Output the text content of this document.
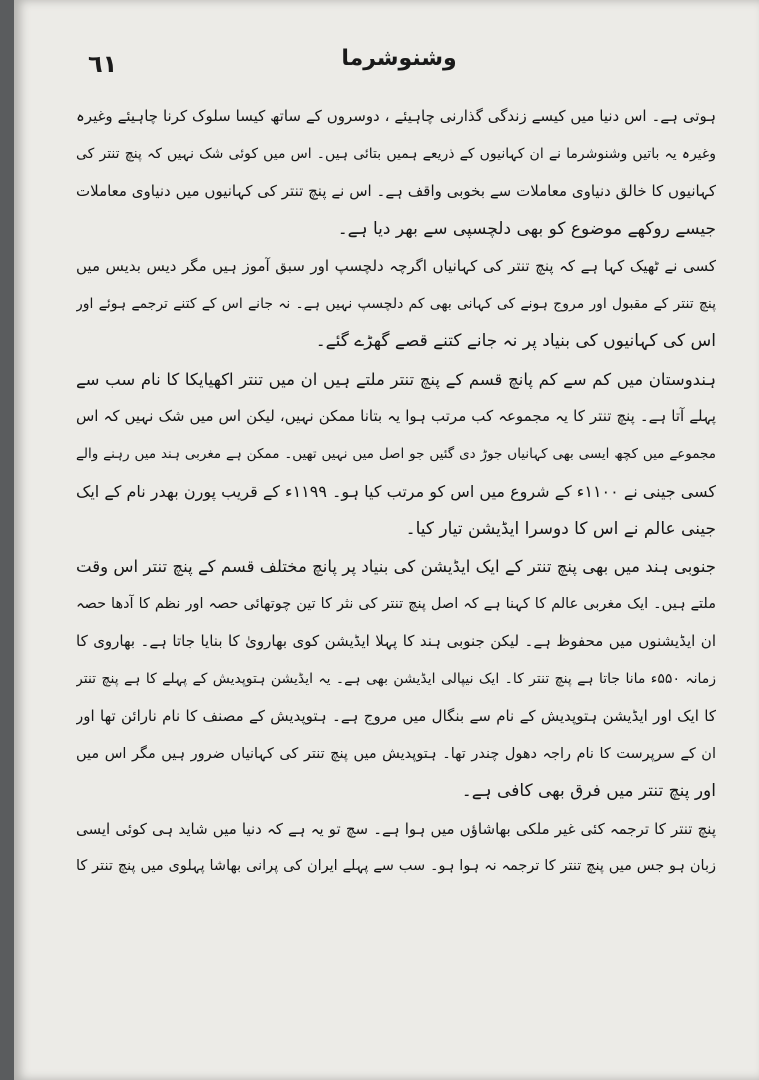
٦١	وشنوشرما
ہوتی ہے۔ اس دنیا میں کیسے زندگی گذارنی چاہیئے ، دوسروں کے ساتھ کیسا سلوک کرنا چاہیئے وغیرہ
وغیرہ یہ باتیں وشنوشرما نے ان کہانیوں کے ذریعے ہمیں بتائی ہیں۔ اس میں کوئی شک نہیں کہ پنچ تنتر کی
کہانیوں کا خالق دنیاوی معاملات سے بخوبی واقف ہے۔ اس نے پنچ تنتر کی کہانیوں میں دنیاوی معاملات
جیسے روکھے موضوع کو بھی دلچسپی سے بھر دیا ہے۔
کسی نے ٹھیک کہا ہے کہ پنچ تنتر کی کہانیاں اگرچہ دلچسپ اور سبق آموز ہیں مگر دیس بدیس میں
پنچ تنتر کے مقبول اور مروج ہونے کی کہانی بھی کم دلچسپ نہیں ہے۔ نہ جانے اس کے کتنے ترجمے ہوئے اور
اس کی کہانیوں کی بنیاد پر نہ جانے کتنے قصے گھڑے گئے۔
ہندوستان میں کم سے کم پانچ قسم کے پنچ تنتر ملتے ہیں ان میں تنتر اکھیایکا کا نام سب سے
پہلے آتا ہے۔ پنچ تنتر کا یہ مجموعہ کب مرتب ہوا یہ بتانا ممکن نہیں، لیکن اس میں شک نہیں کہ اس
مجموعے میں کچھ ایسی بھی کہانیاں جوڑ دی گئیں جو اصل میں نہیں تھیں۔ ممکن ہے مغربی ہند میں رہنے والے
کسی جینی نے ۱۱۰۰ء کے شروع میں اس کو مرتب کیا ہو۔ ۱۱۹۹ء کے قریب پورن بھدر نام کے ایک
جینی عالم نے اس کا دوسرا ایڈیشن تیار کیا۔
جنوبی ہند میں بھی پنچ تنتر کے ایک ایڈیشن کی بنیاد پر پانچ مختلف قسم کے پنچ تنتر اس وقت
ملتے ہیں۔ ایک مغربی عالم کا کہنا ہے کہ اصل پنچ تنتر کی نثر کا تین چوتھائی حصہ اور نظم کا آدھا حصہ
ان ایڈیشنوں میں محفوظ ہے۔ لیکن جنوبی ہند کا پہلا ایڈیشن کوی بھارویٰ کا بنایا جاتا ہے۔ بھاروی کا
زمانہ ۵۵۰ء مانا جاتا ہے پنچ تنتر کا۔ ایک نیپالی ایڈیشن بھی ہے۔ یہ ایڈیشن ہتوپدیش کے پہلے کا ہے پنچ تنتر
کا ایک اور ایڈیشن ہتوپدیش کے نام سے بنگال میں مروج ہے۔ ہتوپدیش کے مصنف کا نام نارائن تھا اور
ان کے سرپرست کا نام راجہ دھول چندر تھا۔ ہتوپدیش میں پنچ تنتر کی کہانیاں ضرور ہیں مگر اس میں
اور پنچ تنتر میں فرق بھی کافی ہے۔
پنچ تنتر کا ترجمہ کئی غیر ملکی بھاشاؤں میں ہوا ہے۔ سچ تو یہ ہے کہ دنیا میں شاید ہی کوئی ایسی
زبان ہو جس میں پنچ تنتر کا ترجمہ نہ ہوا ہو۔ سب سے پہلے ایران کی پرانی بھاشا پہلوی میں پنچ تنتر کا
